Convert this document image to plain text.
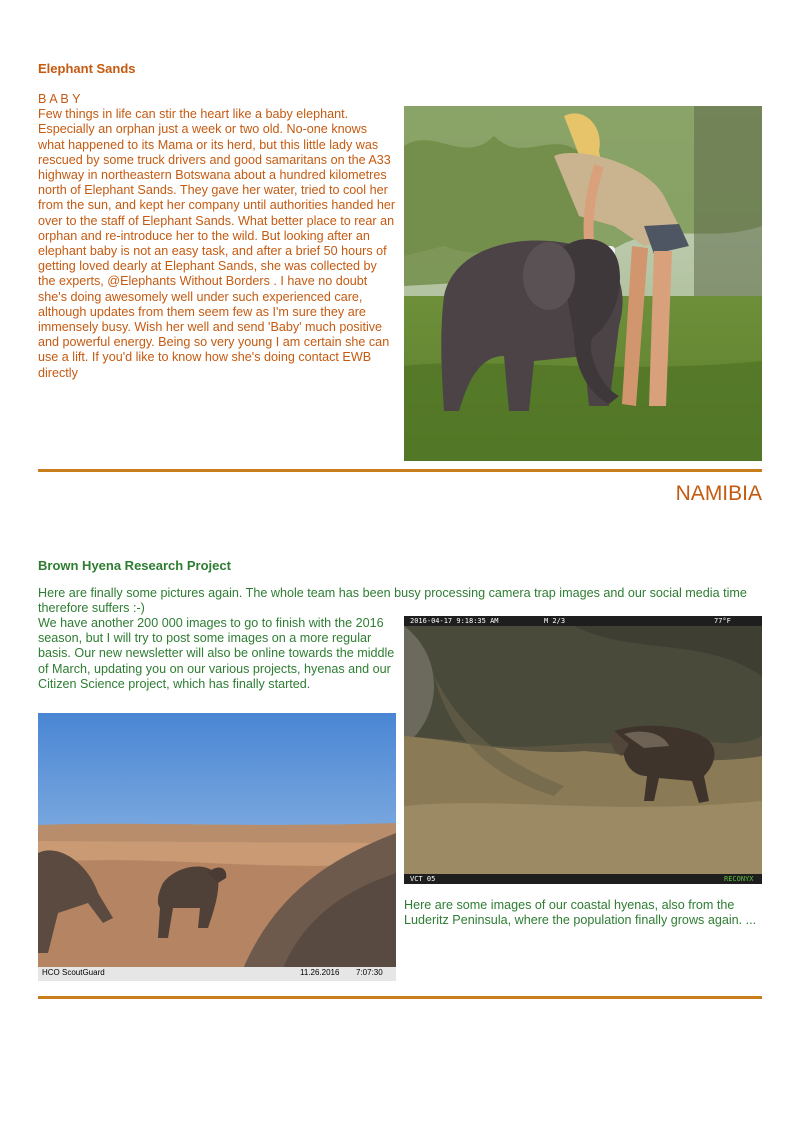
Elephant Sands
B A B Y
Few things in life can stir the heart like a baby elephant. Especially an orphan just a week or two old. No-one knows what happened to its Mama or its herd, but this little lady was rescued by some truck drivers and good samaritans on the A33 highway in northeastern Botswana about a hundred kilometres north of Elephant Sands. They gave her water, tried to cool her from the sun, and kept her company until authorities handed her over to the staff of Elephant Sands. What better place to rear an orphan and re-introduce her to the wild. But looking after an elephant baby is not an easy task, and after a brief 50 hours of getting loved dearly at Elephant Sands, she was collected by the experts, @Elephants Without Borders . I have no doubt she's doing awesomely well under such experienced care, although updates from them seem few as I'm sure they are immensely busy. Wish her well and send 'Baby' much positive and powerful energy. Being so very young I am certain she can use a lift. If you'd like to know how she's doing contact EWB directly
NAMIBIA
Brown Hyena Research Project
Here are finally some pictures again. The whole team has been busy processing camera trap images and our social media time therefore suffers :-)
We have another 200 000 images to go to finish with the 2016 season, but I will try to post some images on a more regular basis. Our new newsletter will also be online towards the middle of March, updating you on our various projects, hyenas and our Citizen Science project, which has finally started.
HCO ScoutGuard	11.26.2016 7:07:30
2016-04-17 9:18:35 AM	M 2/3	77°F
VCT 05	RECONYX
Here are some images of our coastal hyenas, also from the Luderitz Peninsula, where the population finally grows again. ...
